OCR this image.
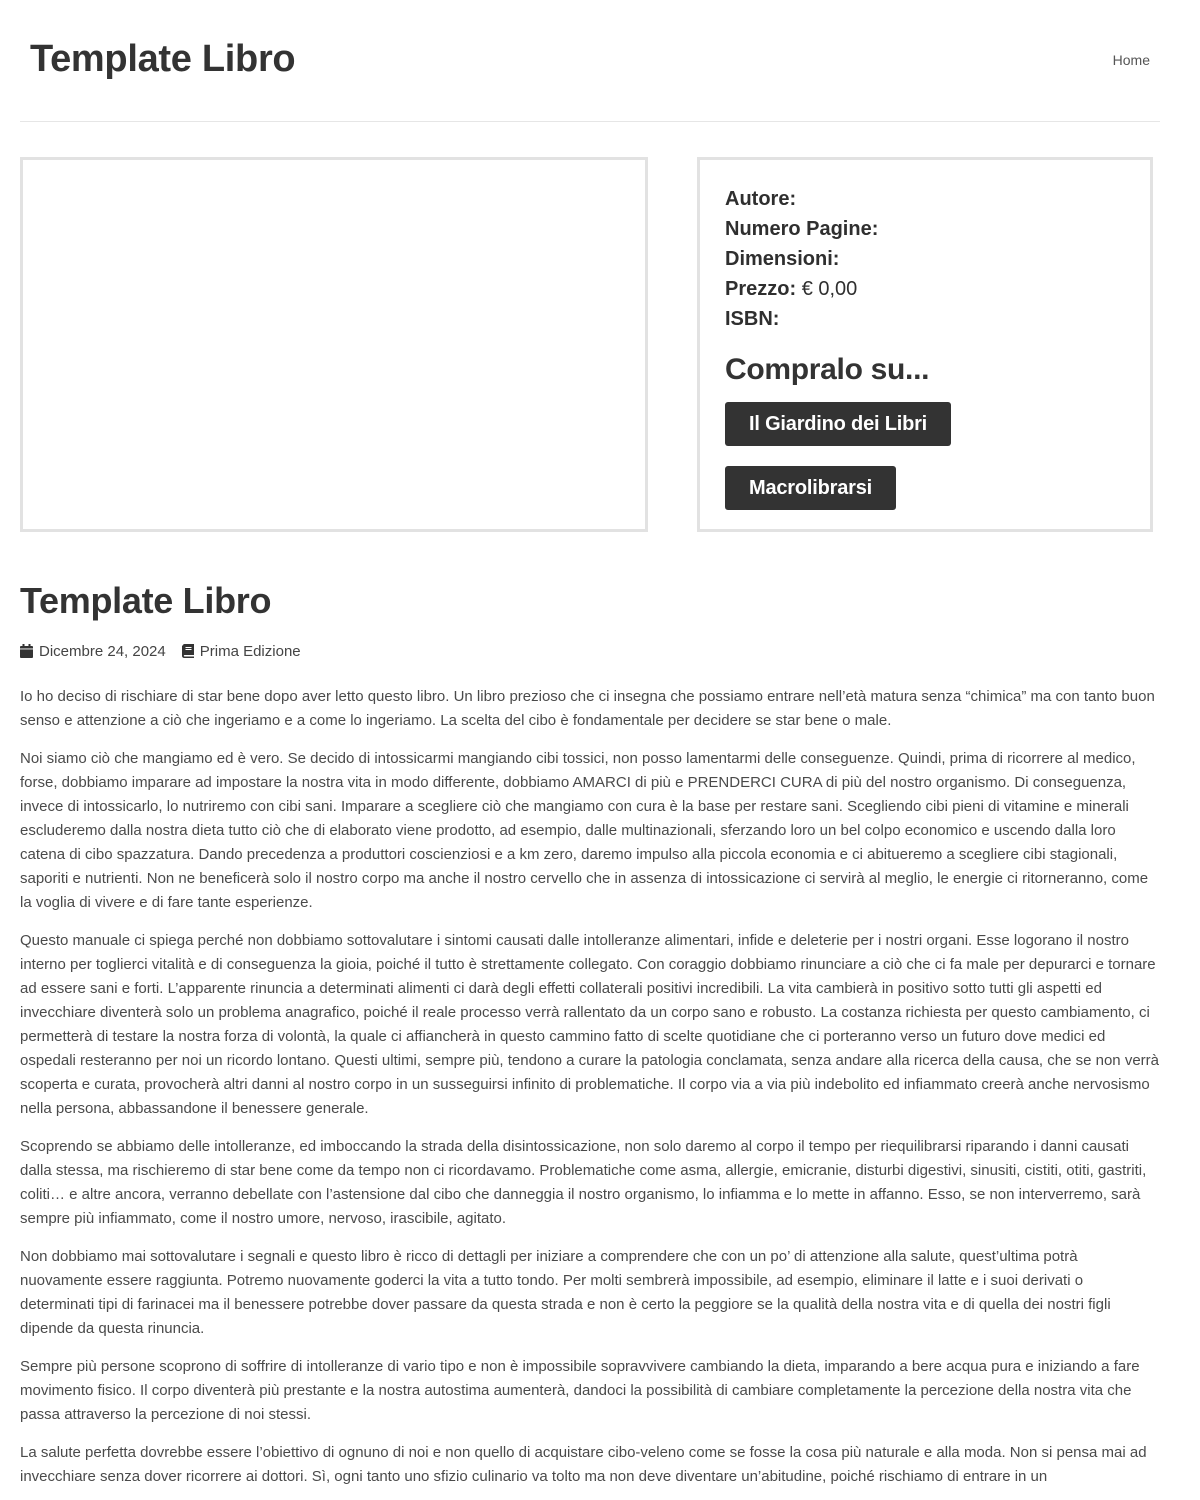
Template Libro	Home
Autore:
Numero Pagine:
Dimensioni:
Prezzo: € 0,00
ISBN:
Compralo su...
Il Giardino dei Libri
Macrolibrarsi
Template Libro
Dicembre 24, 2024 Prima Edizione

Io ho deciso di rischiare di star bene dopo aver letto questo libro. Un libro prezioso che ci insegna che possiamo entrare nell’età matura senza “chimica” ma con tanto buon senso e attenzione a ciò che ingeriamo e a come lo ingeriamo. La scelta del cibo è fondamentale per decidere se star bene o male.

Noi siamo ciò che mangiamo ed è vero. Se decido di intossicarmi mangiando cibi tossici, non posso lamentarmi delle conseguenze. Quindi, prima di ricorrere al medico, forse, dobbiamo imparare ad impostare la nostra vita in modo differente, dobbiamo AMARCI di più e PRENDERCI CURA di più del nostro organismo. Di conseguenza, invece di intossicarlo, lo nutriremo con cibi sani. Imparare a scegliere ciò che mangiamo con cura è la base per restare sani. Scegliendo cibi pieni di vitamine e minerali escluderemo dalla nostra dieta tutto ciò che di elaborato viene prodotto, ad esempio, dalle multinazionali, sferzando loro un bel colpo economico e uscendo dalla loro catena di cibo spazzatura. Dando precedenza a produttori coscienziosi e a km zero, daremo impulso alla piccola economia e ci abitueremo a scegliere cibi stagionali, saporiti e nutrienti. Non ne beneficerà solo il nostro corpo ma anche il nostro cervello che in assenza di intossicazione ci servirà al meglio, le energie ci ritorneranno, come la voglia di vivere e di fare tante esperienze.

Questo manuale ci spiega perché non dobbiamo sottovalutare i sintomi causati dalle intolleranze alimentari, infide e deleterie per i nostri organi. Esse logorano il nostro interno per toglierci vitalità e di conseguenza la gioia, poiché il tutto è strettamente collegato. Con coraggio dobbiamo rinunciare a ciò che ci fa male per depurarci e tornare ad essere sani e forti. L’apparente rinuncia a determinati alimenti ci darà degli effetti collaterali positivi incredibili. La vita cambierà in positivo sotto tutti gli aspetti ed invecchiare diventerà solo un problema anagrafico, poiché il reale processo verrà rallentato da un corpo sano e robusto. La costanza richiesta per questo cambiamento, ci permetterà di testare la nostra forza di volontà, la quale ci affiancherà in questo cammino fatto di scelte quotidiane che ci porteranno verso un futuro dove medici ed ospedali resteranno per noi un ricordo lontano. Questi ultimi, sempre più, tendono a curare la patologia conclamata, senza andare alla ricerca della causa, che se non verrà scoperta e curata, provocherà altri danni al nostro corpo in un susseguirsi infinito di problematiche. Il corpo via a via più indebolito ed infiammato creerà anche nervosismo nella persona, abbassandone il benessere generale.

Scoprendo se abbiamo delle intolleranze, ed imboccando la strada della disintossicazione, non solo daremo al corpo il tempo per riequilibrarsi riparando i danni causati dalla stessa, ma rischieremo di star bene come da tempo non ci ricordavamo. Problematiche come asma, allergie, emicranie, disturbi digestivi, sinusiti, cistiti, otiti, gastriti, coliti… e altre ancora, verranno debellate con l’astensione dal cibo che danneggia il nostro organismo, lo infiamma e lo mette in affanno. Esso, se non interverremo, sarà sempre più infiammato, come il nostro umore, nervoso, irascibile, agitato.

Non dobbiamo mai sottovalutare i segnali e questo libro è ricco di dettagli per iniziare a comprendere che con un po’ di attenzione alla salute, quest’ultima potrà nuovamente essere raggiunta. Potremo nuovamente goderci la vita a tutto tondo. Per molti sembrerà impossibile, ad esempio, eliminare il latte e i suoi derivati o determinati tipi di farinacei ma il benessere potrebbe dover passare da questa strada e non è certo la peggiore se la qualità della nostra vita e di quella dei nostri figli dipende da questa rinuncia.

Sempre più persone scoprono di soffrire di intolleranze di vario tipo e non è impossibile sopravvivere cambiando la dieta, imparando a bere acqua pura e iniziando a fare movimento fisico. Il corpo diventerà più prestante e la nostra autostima aumenterà, dandoci la possibilità di cambiare completamente la percezione della nostra vita che passa attraverso la percezione di noi stessi.

La salute perfetta dovrebbe essere l’obiettivo di ognuno di noi e non quello di acquistare cibo-veleno come se fosse la cosa più naturale e alla moda. Non si pensa mai ad invecchiare senza dover ricorrere ai dottori. Sì, ogni tanto uno sfizio culinario va tolto ma non deve diventare un’abitudine, poiché rischiamo di entrare in un
